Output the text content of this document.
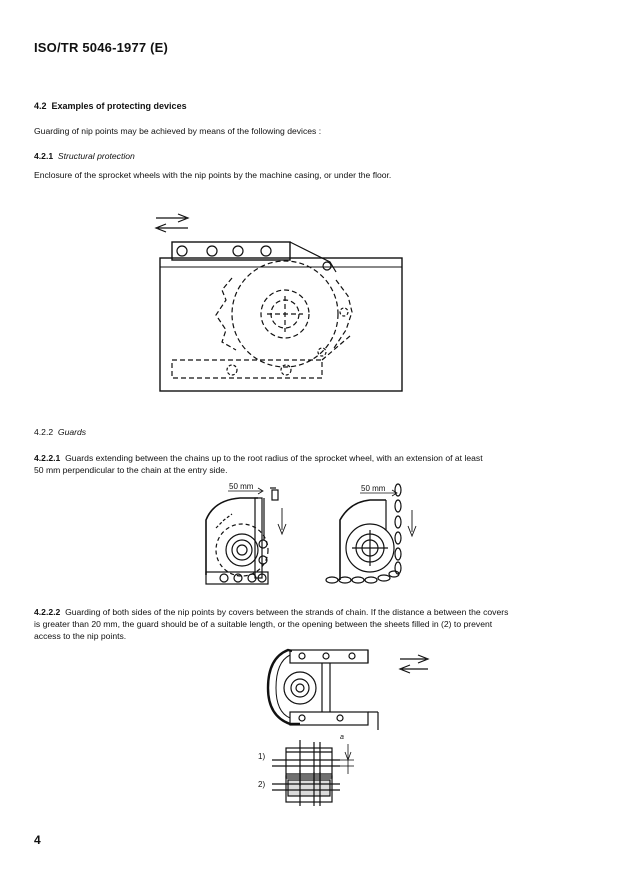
ISO/TR 5046-1977 (E)
4.2 Examples of protecting devices
Guarding of nip points may be achieved by means of the following devices :
4.2.1 Structural protection
Enclosure of the sprocket wheels with the nip points by the machine casing, or under the floor.
4.2.2 Guards
4.2.2.1 Guards extending between the chains up to the root radius of the sprocket wheel, with an extension of at least
50 mm perpendicular to the chain at the entry side.
4.2.2.2 Guarding of both sides of the nip points by covers between the strands of chain. If the distance a between the covers
is greater than 20 mm, the guard should be of a suitable length, or the opening between the sheets filled in (2) to prevent
access to the nip points.
4
50 mm	50 mm
1)
2)
a
